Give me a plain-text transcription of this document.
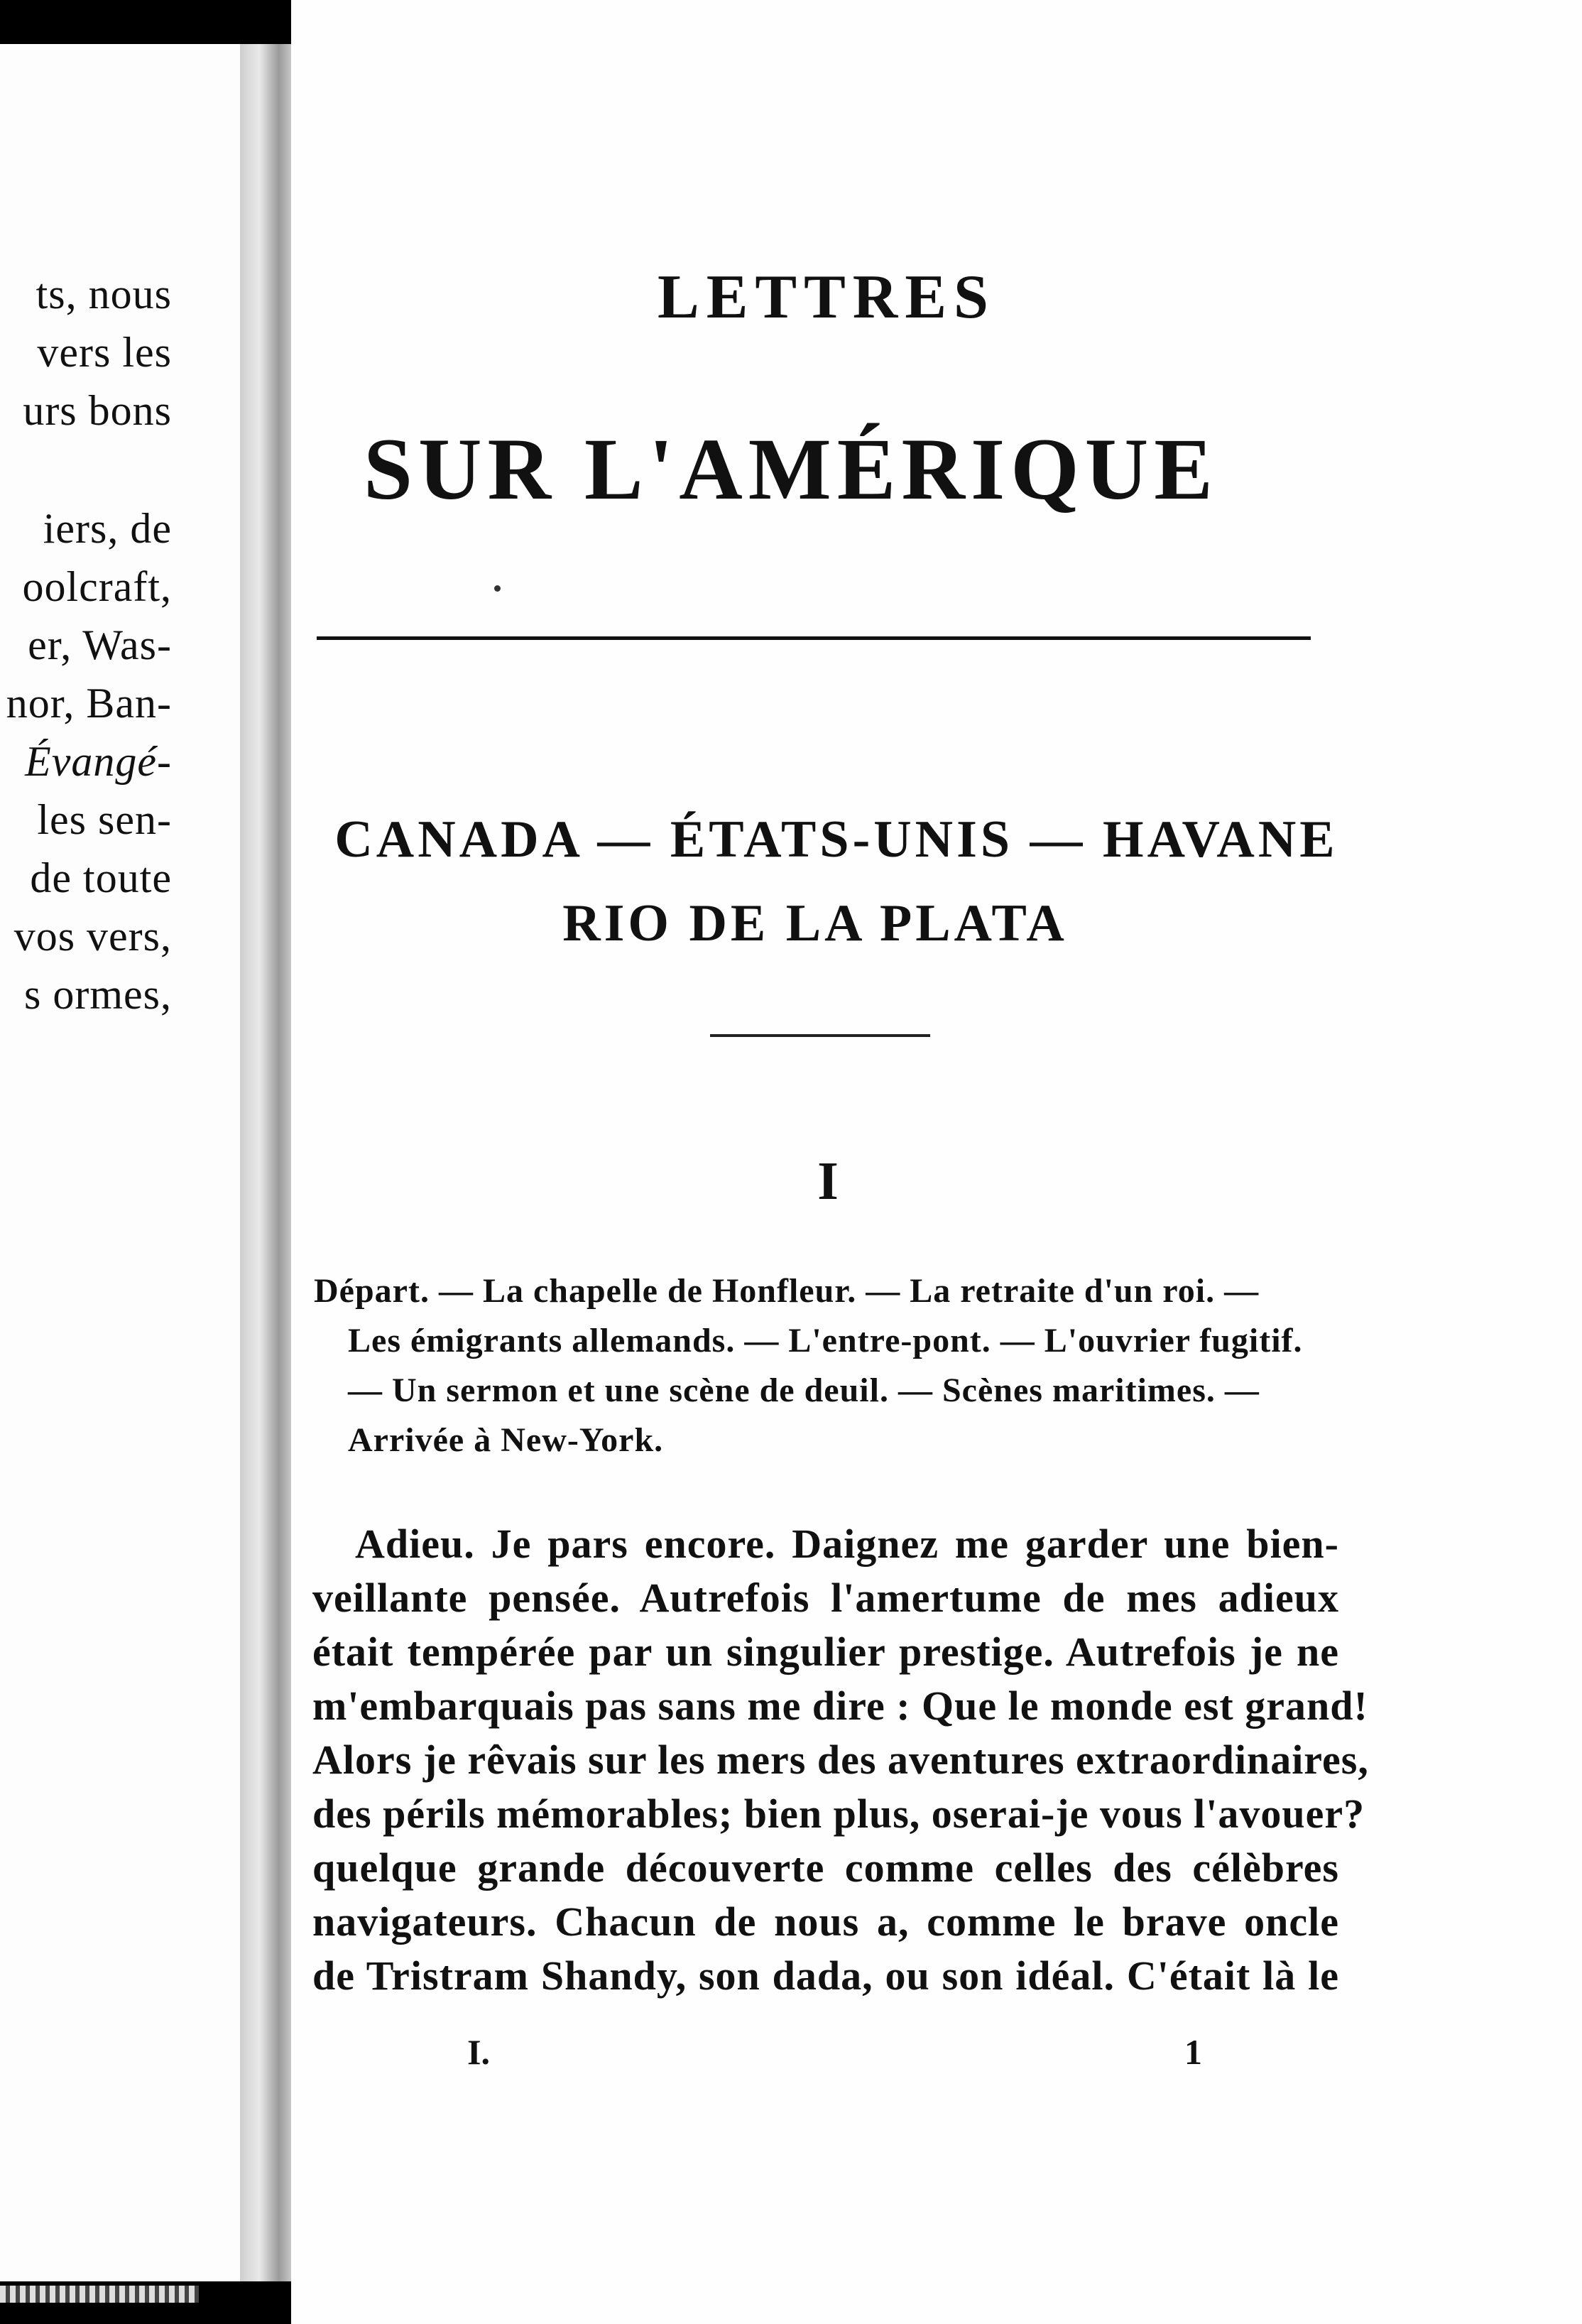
ts, nous
vers les
urs bons
iers, de
oolcraft,
er, Was-
nor, Ban-
Évangé-
les sen-
de toute
vos vers,
s ormes,
LETTRES
SUR L'AMÉRIQUE
CANADA — ÉTATS-UNIS — HAVANE
RIO DE LA PLATA
I
Départ. — La chapelle de Honfleur. — La retraite d'un roi. —
Les émigrants allemands. — L'entre-pont. — L'ouvrier fugitif.
— Un sermon et une scène de deuil. — Scènes maritimes. —
Arrivée à New-York.
Adieu. Je pars encore. Daignez me garder une bien-
veillante pensée. Autrefois l'amertume de mes adieux
était tempérée par un singulier prestige. Autrefois je ne
m'embarquais pas sans me dire : Que le monde est grand!
Alors je rêvais sur les mers des aventures extraordinaires,
des périls mémorables; bien plus, oserai-je vous l'avouer?
quelque grande découverte comme celles des célèbres
navigateurs. Chacun de nous a, comme le brave oncle
de Tristram Shandy, son dada, ou son idéal. C'était là le
I.	1
